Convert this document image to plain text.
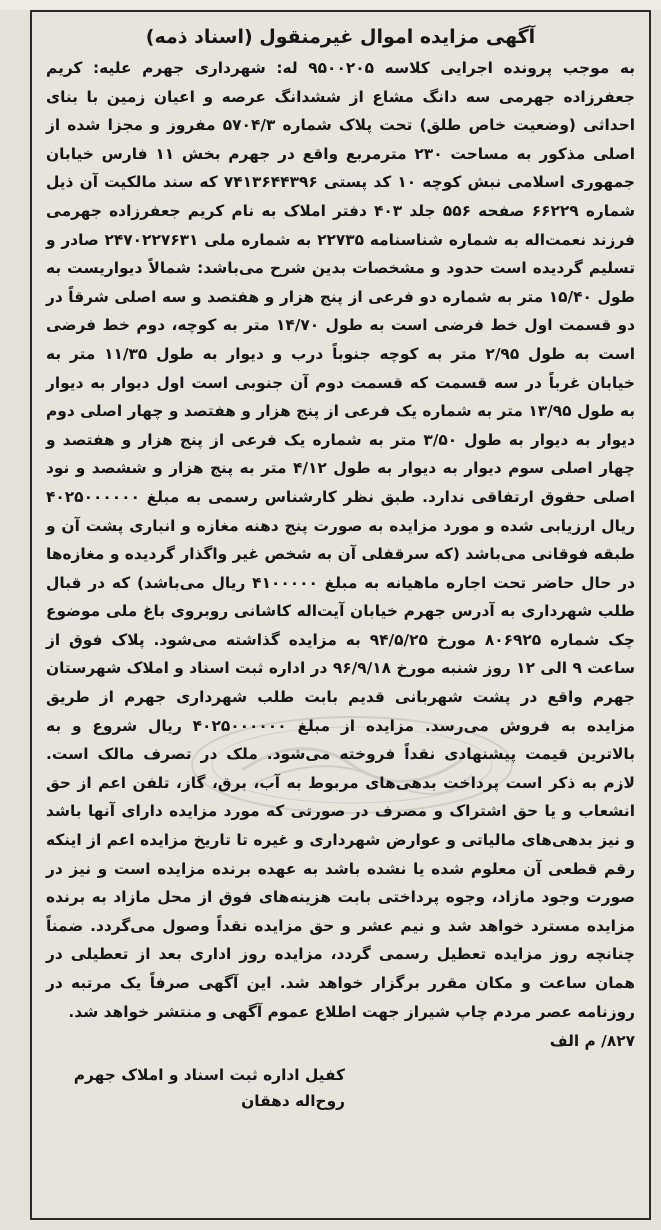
آگهی مزایده اموال غیرمنقول (اسناد ذمه)

به موجب پرونده اجرایی کلاسه ۹۵۰۰۲۰۵ له: شهرداری جهرم علیه: کریم جعفرزاده جهرمی سه دانگ مشاع از ششدانگ عرصه و اعیان زمین با بنای احداثی (وضعیت خاص طلق) تحت پلاک شماره ۵۷۰۴/۳ مفروز و مجزا شده از اصلی مذکور به مساحت ۲۳۰ مترمربع واقع در جهرم بخش ۱۱ فارس خیابان جمهوری اسلامی نبش کوچه ۱۰ کد پستی ۷۴۱۳۶۴۴۳۹۶ که سند مالکیت آن ذیل شماره ۶۶۲۲۹ صفحه ۵۵۶ جلد ۴۰۳ دفتر املاک به نام کریم جعفرزاده جهرمی فرزند نعمت‌اله به شماره شناسنامه ۲۲۷۳۵ به شماره ملی ۲۴۷۰۲۲۷۶۳۱ صادر و تسلیم گردیده است حدود و مشخصات بدین شرح می‌باشد: شمالاً دیواریست به طول ۱۵/۴۰ متر به شماره دو فرعی از پنج هزار و هفتصد و سه اصلی شرقاً در دو قسمت اول خط فرضی است به طول ۱۴/۷۰ متر به کوچه، دوم خط فرضی است به طول ۲/۹۵ متر به کوچه جنوباً درب و دیوار به طول ۱۱/۳۵ متر به خیابان غرباً در سه قسمت که قسمت دوم آن جنوبی است اول دیوار به دیوار به طول ۱۳/۹۵ متر به شماره یک فرعی از پنج هزار و هفتصد و چهار اصلی دوم دیوار به دیوار به طول ۳/۵۰ متر به شماره یک فرعی از پنج هزار و هفتصد و چهار اصلی سوم دیوار به دیوار به طول ۴/۱۲ متر به پنج هزار و ششصد و نود اصلی حقوق ارتفاقی ندارد. طبق نظر کارشناس رسمی به مبلغ ۴۰۲۵۰۰۰۰۰۰ ریال ارزیابی شده و مورد مزایده به صورت پنج دهنه مغازه و انباری پشت آن و طبقه فوقانی می‌باشد (که سرقفلی آن به شخص غیر واگذار گردیده و مغازه‌ها در حال حاضر تحت اجاره ماهیانه به مبلغ ۴۱۰۰۰۰۰ ریال می‌باشد) که در قبال طلب شهرداری به آدرس جهرم خیابان آیت‌اله کاشانی روبروی باغ ملی موضوع چک شماره ۸۰۶۹۲۵ مورخ ۹۴/۵/۲۵ به مزایده گذاشته می‌شود. پلاک فوق از ساعت ۹ الی ۱۲ روز شنبه مورخ ۹۶/۹/۱۸ در اداره ثبت اسناد و املاک شهرستان جهرم واقع در پشت شهربانی قدیم بابت طلب شهرداری جهرم از طریق مزایده به فروش می‌رسد. مزایده از مبلغ ۴۰۲۵۰۰۰۰۰۰ ریال شروع و به بالاترین قیمت پیشنهادی نقداً فروخته می‌شود. ملک در تصرف مالک است. لازم به ذکر است پرداخت بدهی‌های مربوط به آب، برق، گاز، تلفن اعم از حق انشعاب و یا حق اشتراک و مصرف در صورتی که مورد مزایده دارای آنها باشد و نیز بدهی‌های مالیاتی و عوارض شهرداری و غیره تا تاریخ مزایده اعم از اینکه رقم قطعی آن معلوم شده یا نشده باشد به عهده برنده مزایده است و نیز در صورت وجود مازاد، وجوه پرداختی بابت هزینه‌های فوق از محل مازاد به برنده مزایده مسترد خواهد شد و نیم عشر و حق مزایده نقداً وصول می‌گردد. ضمناً چنانچه روز مزایده تعطیل رسمی گردد، مزایده روز اداری بعد از تعطیلی در همان ساعت و مکان مقرر برگزار خواهد شد. این آگهی صرفاً یک مرتبه در روزنامه عصر مردم چاپ شیراز جهت اطلاع عموم آگهی و منتشر خواهد شد.

۸۲۷/ م الف
کفیل اداره ثبت اسناد و املاک جهرم
روح‌اله دهقان
